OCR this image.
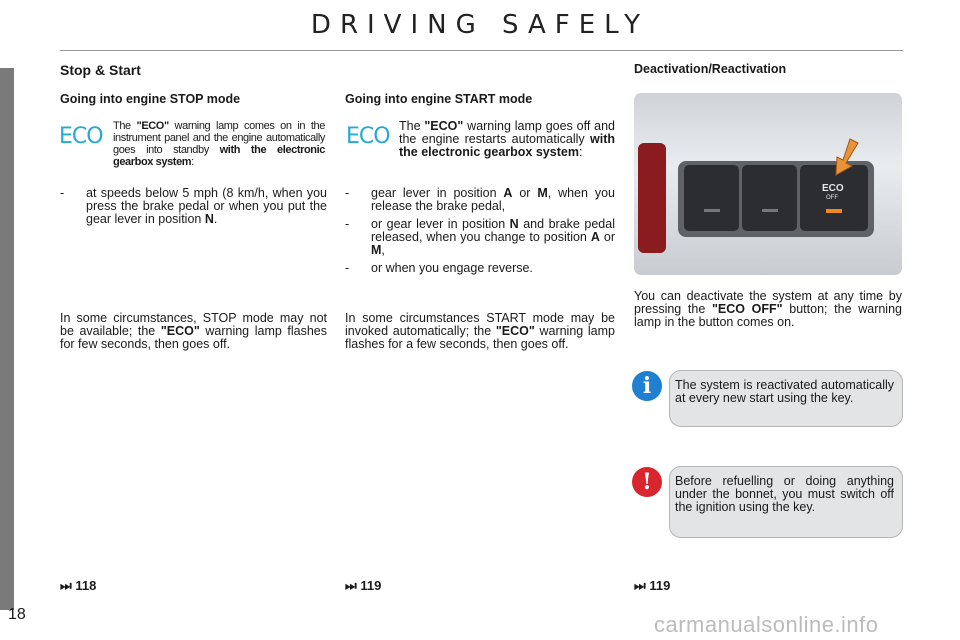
DRIVING SAFELY
Stop & Start
Going into engine STOP mode
ECO The "ECO" warning lamp comes on in the instrument panel and the engine automatically goes into standby with the electronic gearbox system:
- at speeds below 5 mph (8 km/h, when you press the brake pedal or when you put the gear lever in position N.
In some circumstances, STOP mode may not be available; the "ECO" warning lamp flashes for few seconds, then goes off.
Going into engine START mode
ECO The "ECO" warning lamp goes off and the engine restarts automatically with the electronic gearbox system:
- gear lever in position A or M, when you release the brake pedal,
- or gear lever in position N and brake pedal released, when you change to position A or M,
- or when you engage reverse.
In some circumstances START mode may be invoked automatically; the "ECO" warning lamp flashes for a few seconds, then goes off.
Deactivation/Reactivation
ECO
OFF
You can deactivate the system at any time by pressing the "ECO OFF" button; the warning lamp in the button comes on.
The system is reactivated automatically at every new start using the key.
i
Before refuelling or doing anything under the bonnet, you must switch off the ignition using the key.
!
⏭ 118	⏭ 119	⏭ 119
18	carmanualsonline.info
